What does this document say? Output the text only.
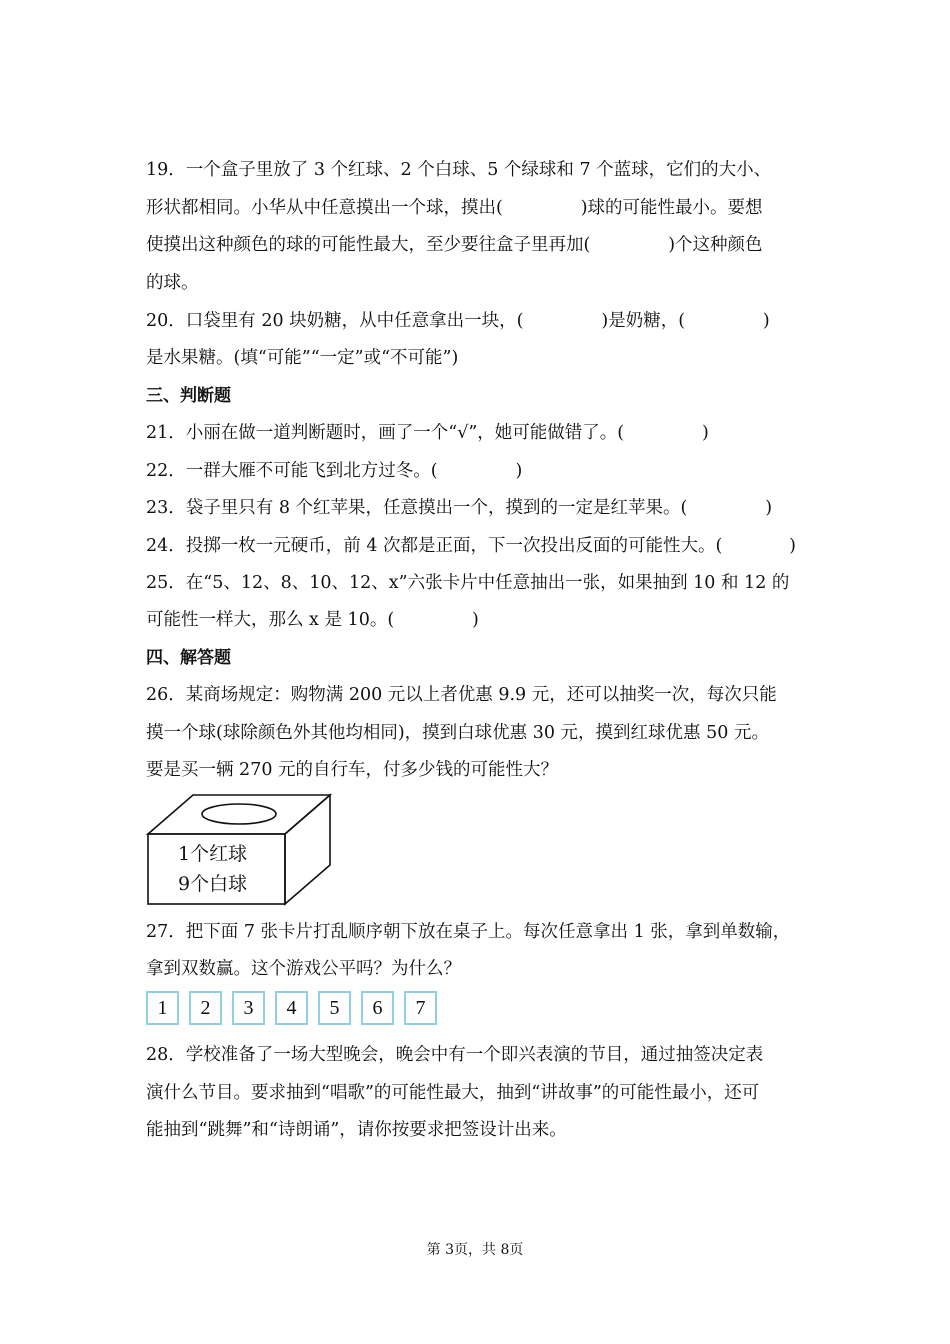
19．一个盒子里放了 3 个红球、2 个白球、5 个绿球和 7 个蓝球，它们的大小、
形状都相同。小华从中任意摸出一个球，摸出(              )球的可能性最小。要想
使摸出这种颜色的球的可能性最大，至少要往盒子里再加(              )个这种颜色
的球。
20．口袋里有 20 块奶糖，从中任意拿出一块，(              )是奶糖，(              )
是水果糖。(填“可能”“一定”或“不可能”)
三、判断题
21．小丽在做一道判断题时，画了一个“√”，她可能做错了。(              )
22．一群大雁不可能飞到北方过冬。(              )
23．袋子里只有 8 个红苹果，任意摸出一个，摸到的一定是红苹果。(              )
24．投掷一枚一元硬币，前 4 次都是正面，下一次投出反面的可能性大。(            )
25．在“5、12、8、10、12、x”六张卡片中任意抽出一张，如果抽到 10 和 12 的
可能性一样大，那么 x 是 10。(              )
四、解答题
26．某商场规定：购物满 200 元以上者优惠 9.9 元，还可以抽奖一次，每次只能
摸一个球(球除颜色外其他均相同)，摸到白球优惠 30 元，摸到红球优惠 50 元。
要是买一辆 270 元的自行车，付多少钱的可能性大？
1个红球
9个白球
27．把下面 7 张卡片打乱顺序朝下放在桌子上。每次任意拿出 1 张，拿到单数输，
拿到双数赢。这个游戏公平吗？为什么？
1	2	3	4	5	6	7
28．学校准备了一场大型晚会，晚会中有一个即兴表演的节目，通过抽签决定表
演什么节目。要求抽到“唱歌”的可能性最大，抽到“讲故事”的可能性最小，还可
能抽到“跳舞”和“诗朗诵”，请你按要求把签设计出来。
第 3页，共 8页
